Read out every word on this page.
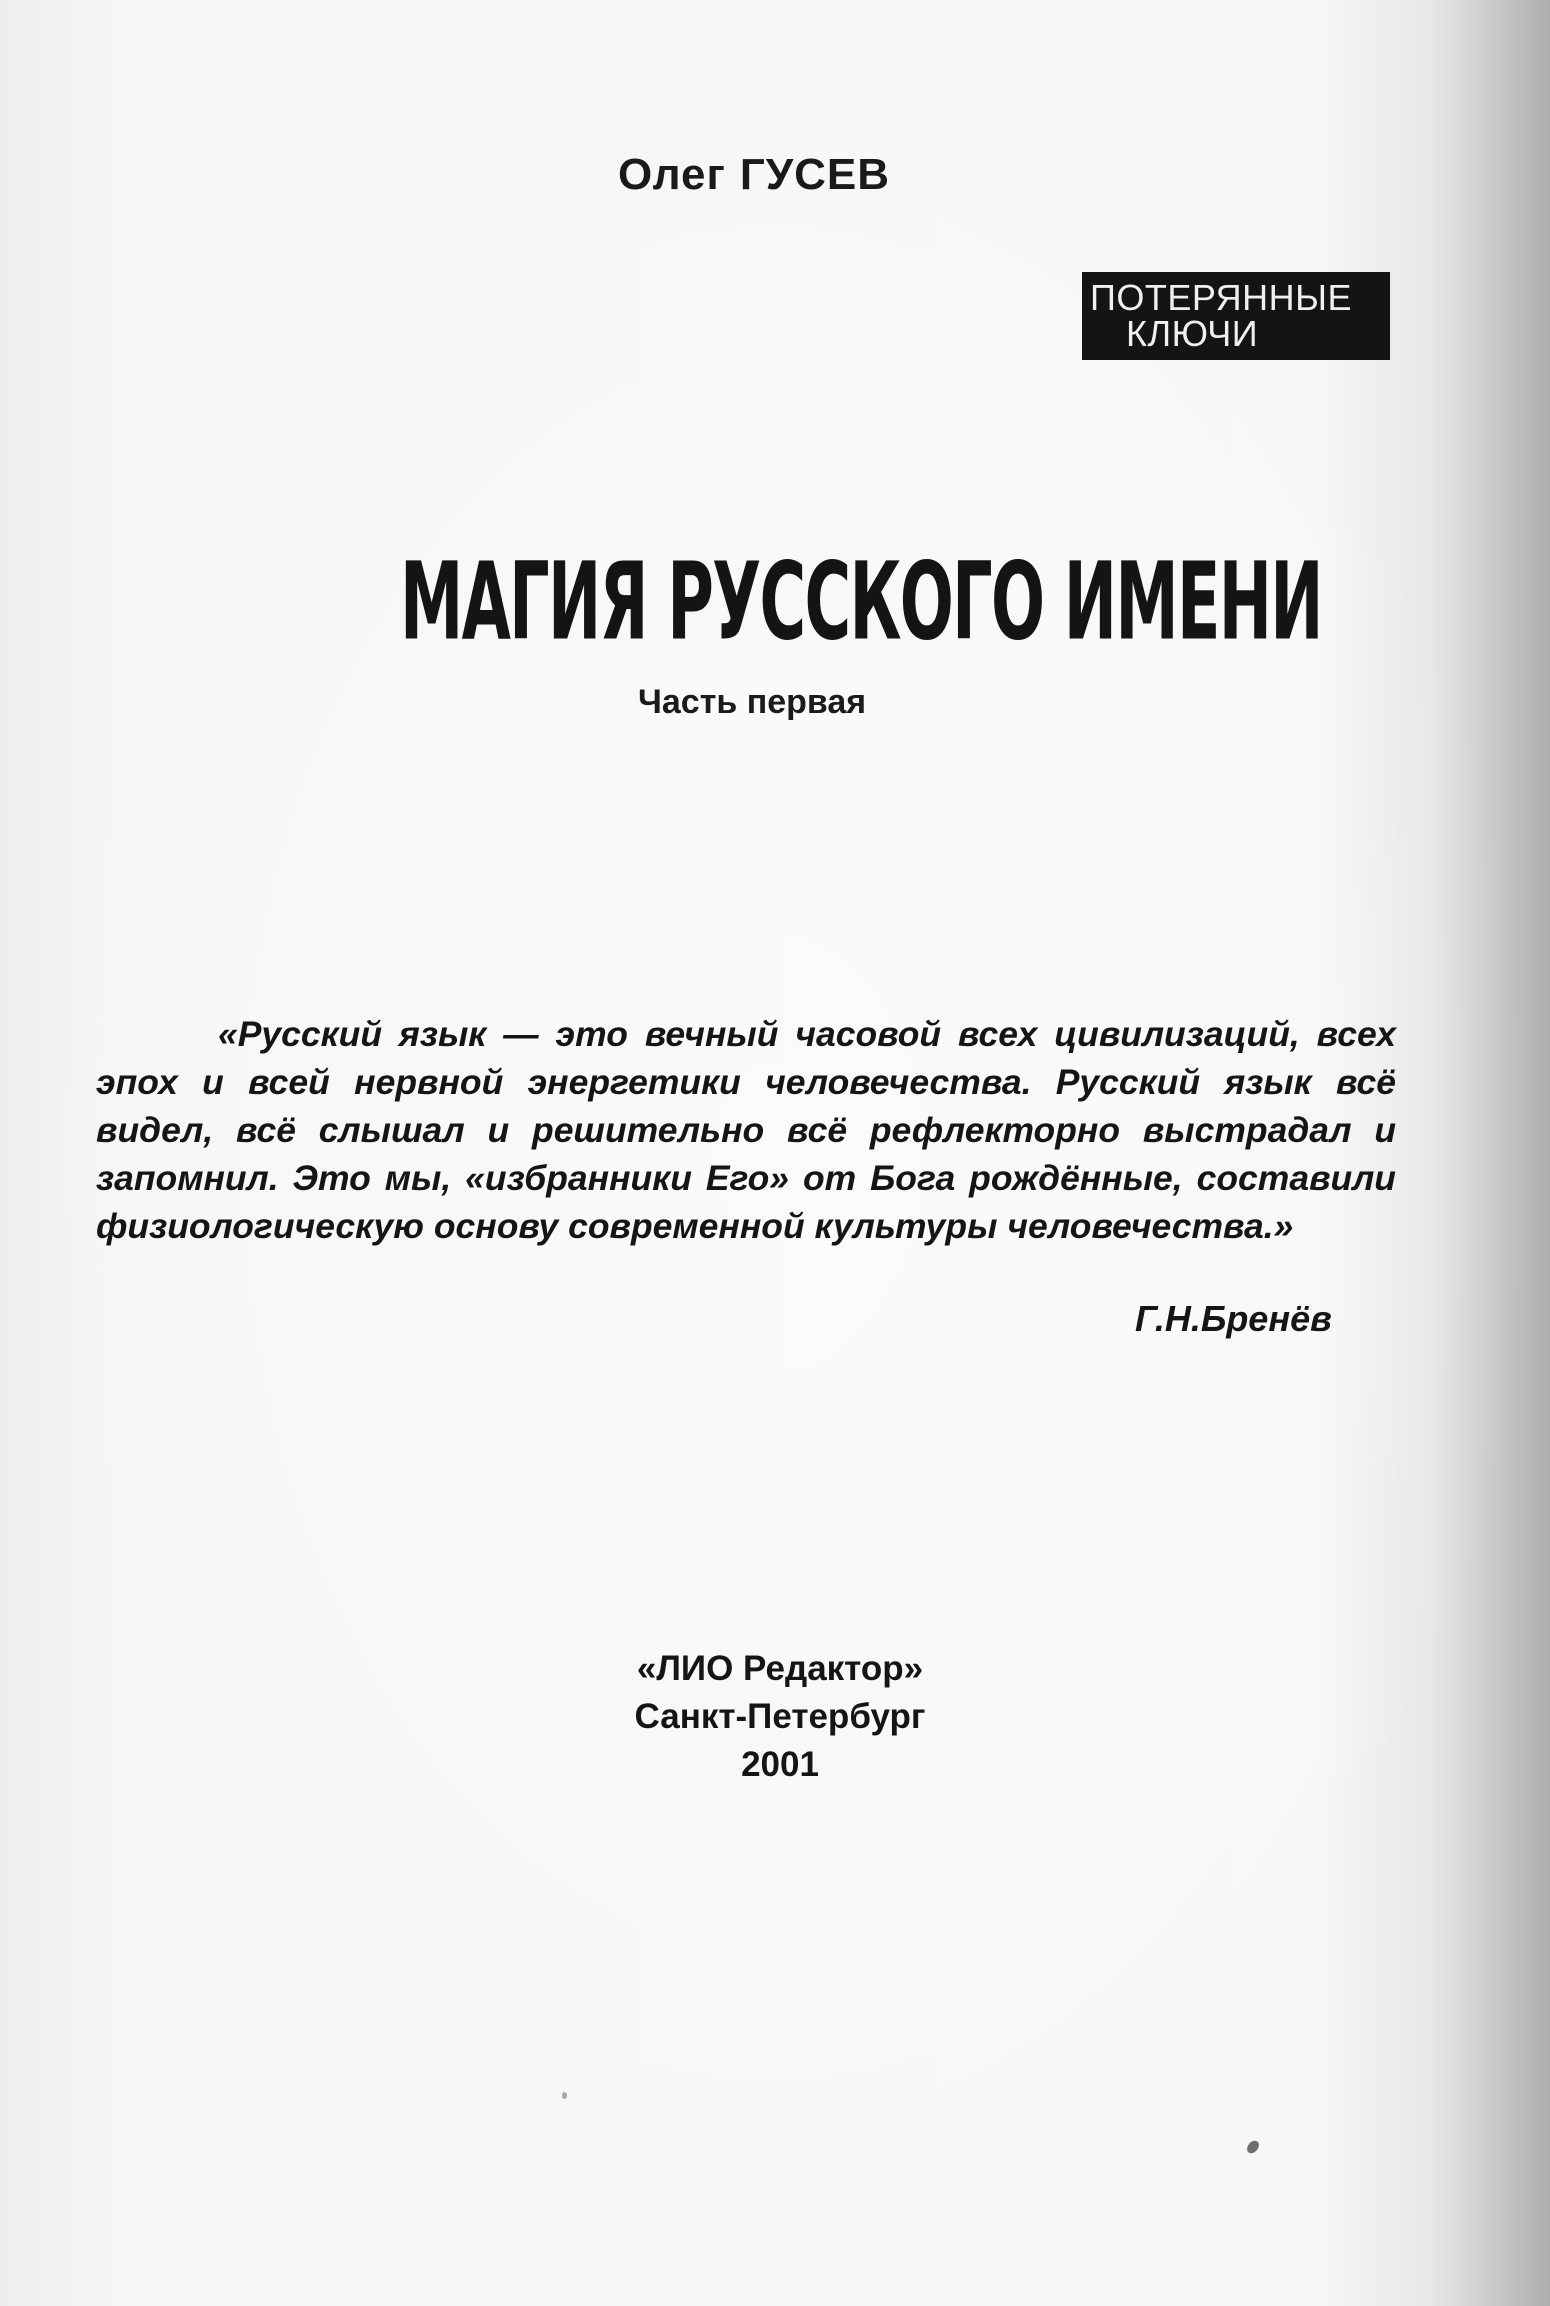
Олег ГУСЕВ
ПОТЕРЯННЫЕ
КЛЮЧИ
МАГИЯ РУССКОГО ИМЕНИ
Часть первая

«Русский язык — это вечный часовой всех цивилизаций, всех эпох и всей нервной энергетики человечества. Русский язык всё видел, всё слышал и решительно всё рефлекторно выстрадал и запомнил. Это мы, «избранники Его» от Бога рождённые, составили физиологическую основу современной культуры человечества.»

Г.Н.Бренёв
«ЛИО Редактор»
Санкт-Петербург
2001
